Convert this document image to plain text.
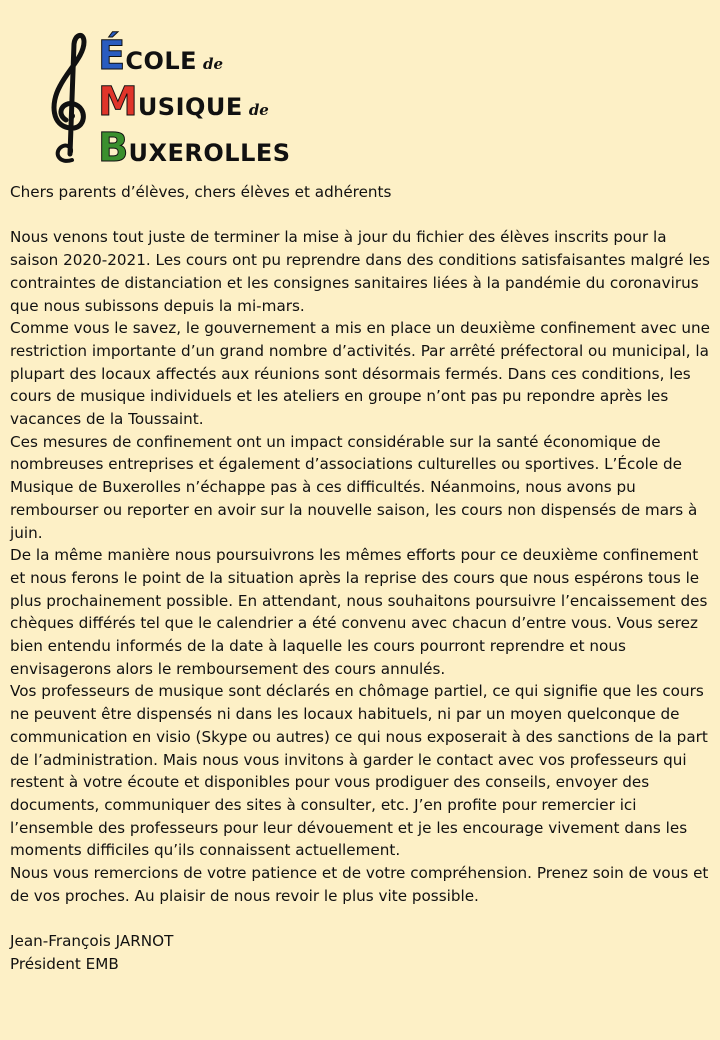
ÉCOLE de
MUSIQUE de
BUXEROLLES

Chers parents d’élèves, chers élèves et adhérents

Nous venons tout juste de terminer la mise à jour du fichier des élèves inscrits pour la saison 2020-2021. Les cours ont pu reprendre dans des conditions satisfaisantes malgré les contraintes de distanciation et les consignes sanitaires liées à la pandémie du coronavirus que nous subissons depuis la mi-mars.

Comme vous le savez, le gouvernement a mis en place un deuxième confinement avec une restriction importante d’un grand nombre d’activités. Par arrêté préfectoral ou municipal, la plupart des locaux affectés aux réunions sont désormais fermés. Dans ces conditions, les cours de musique individuels et les ateliers en groupe n’ont pas pu repondre après les vacances de la Toussaint.

Ces mesures de confinement ont un impact considérable sur la santé économique de nombreuses entreprises et également d’associations culturelles ou sportives. L’École de Musique de Buxerolles n’échappe pas à ces difficultés. Néanmoins, nous avons pu rembourser ou reporter en avoir sur la nouvelle saison, les cours non dispensés de mars à juin.

De la même manière nous poursuivrons les mêmes efforts pour ce deuxième confinement et nous ferons le point de la situation après la reprise des cours que nous espérons tous le plus prochainement possible. En attendant, nous souhaitons poursuivre l’encaissement des chèques différés tel que le calendrier a été convenu avec chacun d’entre vous. Vous serez bien entendu informés de la date à laquelle les cours pourront reprendre et nous envisagerons alors le remboursement des cours annulés.

Vos professeurs de musique sont déclarés en chômage partiel, ce qui signifie que les cours ne peuvent être dispensés ni dans les locaux habituels, ni par un moyen quelconque de communication en visio (Skype ou autres) ce qui nous exposerait à des sanctions de la part de l’administration. Mais nous vous invitons à garder le contact avec vos professeurs qui restent à votre écoute et disponibles pour vous prodiguer des conseils, envoyer des documents, communiquer des sites à consulter, etc. J’en profite pour remercier ici l’ensemble des professeurs pour leur dévouement et je les encourage vivement dans les moments difficiles qu’ils connaissent actuellement.

Nous vous remercions de votre patience et de votre compréhension. Prenez soin de vous et de vos proches. Au plaisir de nous revoir le plus vite possible.

Jean-François JARNOT

Président EMB
